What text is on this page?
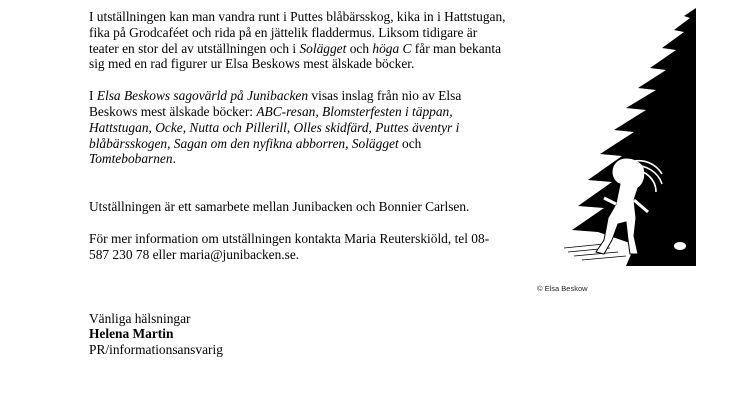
I utställningen kan man vandra runt i Puttes blåbärsskog, kika in i Hattstugan, fika på Grodcaféet och rida på en jättelik fladdermus. Liksom tidigare är teater en stor del av utställningen och i Solägget och höga C får man bekanta sig med en rad figurer ur Elsa Beskows mest älskade böcker.

I Elsa Beskows sagovärld på Junibacken visas inslag från nio av Elsa Beskows mest älskade böcker: ABC-resan, Blomsterfesten i täppan, Hattstugan, Ocke, Nutta och Pillerill, Olles skidfärd, Puttes äventyr i blåbärsskogen, Sagan om den nyfikna abborren, Solägget och Tomtebobarnen.

Utställningen är ett samarbete mellan Junibacken och Bonnier Carlsen.

För mer information om utställningen kontakta Maria Reuterskiöld, tel 08-587 230 78 eller maria@junibacken.se.

Vänliga hälsningar

Helena Martin

PR/informationsansvarig

© Elsa Beskow
